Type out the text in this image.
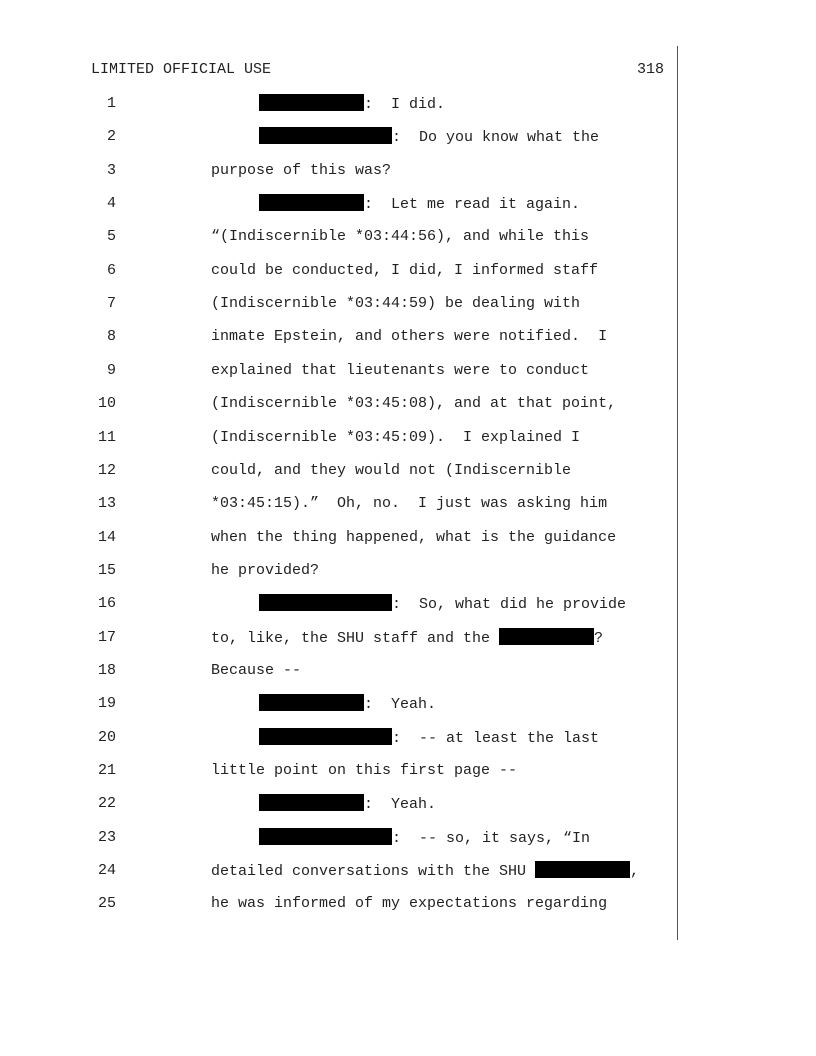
LIMITED OFFICIAL USE	318
1	:  I did.
2	:  Do you know what the
3	purpose of this was?
4	:  Let me read it again.
5	“(Indiscernible *03:44:56), and while this
6	could be conducted, I did, I informed staff
7	(Indiscernible *03:44:59) be dealing with
8	inmate Epstein, and others were notified.  I
9	explained that lieutenants were to conduct
10	(Indiscernible *03:45:08), and at that point,
11	(Indiscernible *03:45:09).  I explained I
12	could, and they would not (Indiscernible
13	*03:45:15).”  Oh, no.  I just was asking him
14	when the thing happened, what is the guidance
15	he provided?
16	:  So, what did he provide
17	to, like, the SHU staff and the	?
18	Because --
19	:  Yeah.
20	:  -- at least the last
21	little point on this first page --
22	:  Yeah.
23	:  -- so, it says, “In
24	detailed conversations with the SHU	,
25	he was informed of my expectations regarding
